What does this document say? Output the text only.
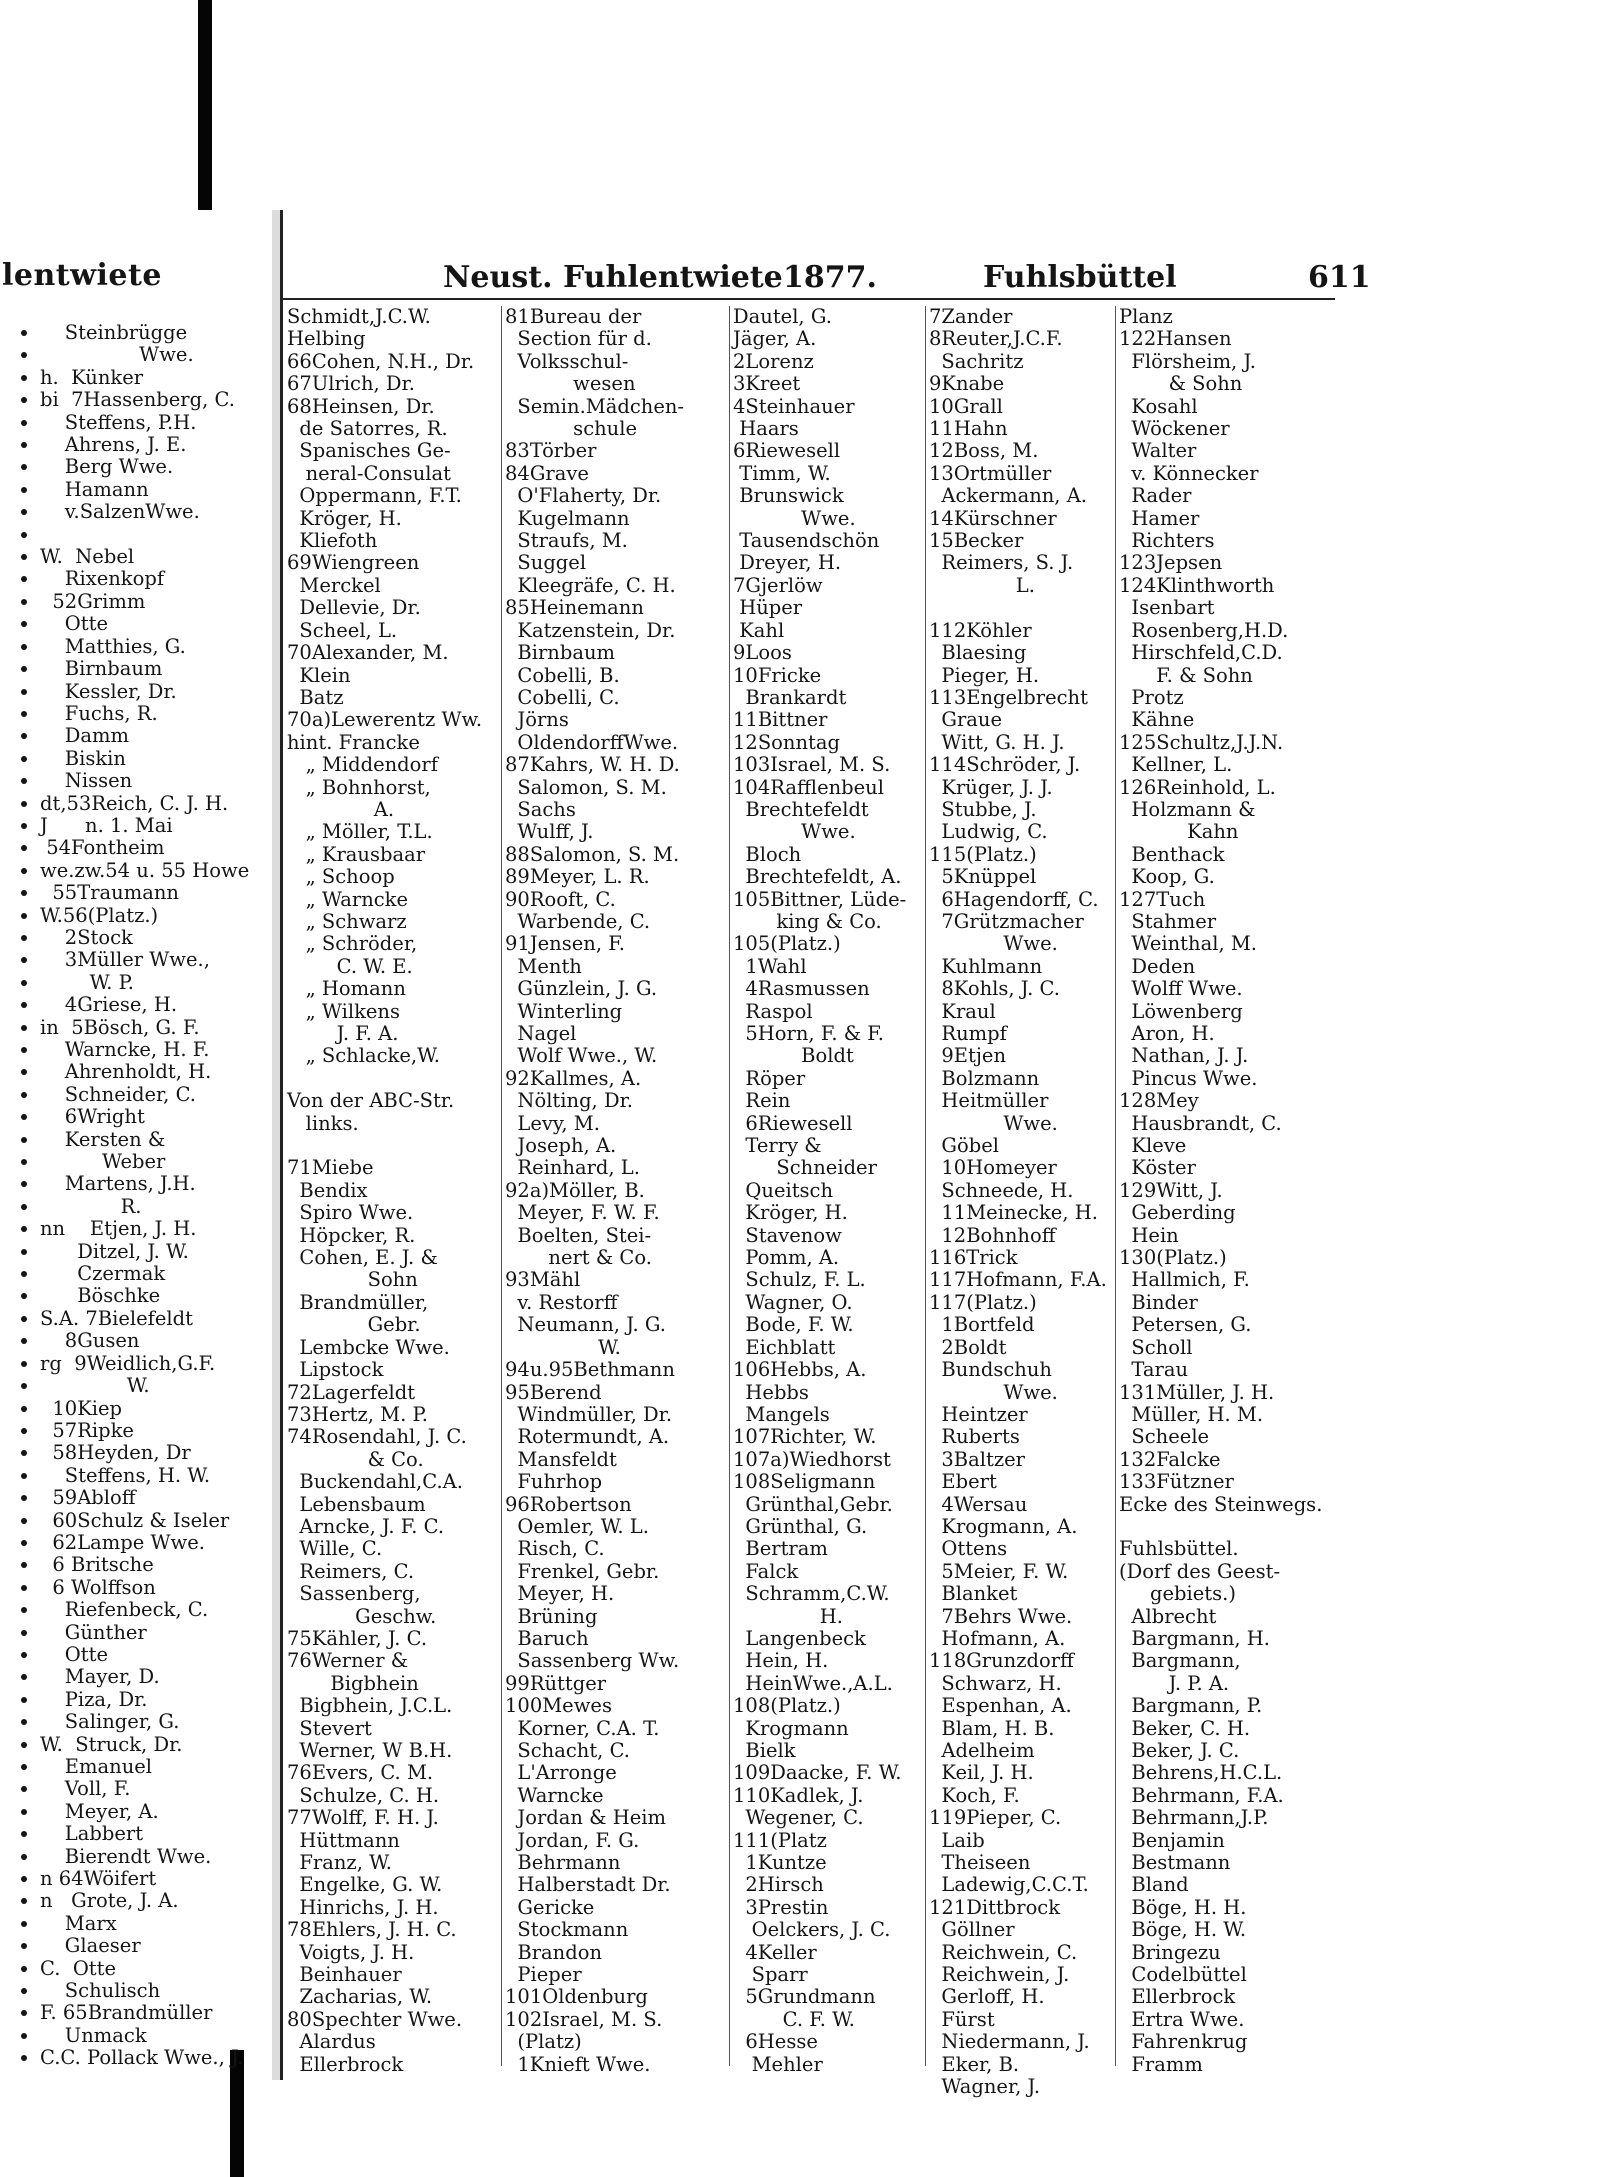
lentwiete
•     Steinbrügge
•                 Wwe.
• h.  Künker
• bi  7Hassenberg, C.
•     Steffens, P.H.
•     Ahrens, J. E.
•     Berg Wwe.
•     Hamann
•     v.SalzenWwe.
•
• W.  Nebel
•     Rixenkopf
•   52Grimm
•     Otte
•     Matthies, G.
•     Birnbaum
•     Kessler, Dr.
•     Fuchs, R.
•     Damm
•     Biskin
•     Nissen
• dt,53Reich, C. J. H.
• J      n. 1. Mai
•  54Fontheim
• we.zw.54 u. 55 Howe
•   55Traumann
• W.56(Platz.)
•     2Stock
•     3Müller Wwe.,
•         W. P.
•     4Griese, H.
• in  5Bösch, G. F.
•     Warncke, H. F.
•     Ahrenholdt, H.
•     Schneider, C.
•     6Wright
•     Kersten &
•           Weber
•     Martens, J.H.
•              R.
• nn    Etjen, J. H.
•       Ditzel, J. W.
•       Czermak
•       Böschke
• S.A. 7Bielefeldt
•     8Gusen
• rg  9Weidlich,G.F.
•               W.
•   10Kiep
•   57Ripke
•   58Heyden, Dr
•     Steffens, H. W.
•   59Abloff
•   60Schulz & Iseler
•   62Lampe Wwe.
•   6 Britsche
•   6 Wolffson
•     Riefenbeck, C.
•     Günther
•     Otte
•     Mayer, D.
•     Piza, Dr.
•     Salinger, G.
• W.  Struck, Dr.
•     Emanuel
•     Voll, F.
•     Meyer, A.
•     Labbert
•     Bierendt Wwe.
• n 64Wöifert
• n   Grote, J. A.
•     Marx
•     Glaeser
• C.  Otte
•     Schulisch
• F. 65Brandmüller
•     Unmack
• C.C. Pollack Wwe., J.
Neust. Fuhlentwiete 1877.	Fuhlsbüttel	611
Schmidt,J.C.W.
Helbing
66Cohen, N.H., Dr.
67Ulrich, Dr.
68Heinsen, Dr.
de Satorres, R.
Spanisches Ge-
neral-Consulat
Oppermann, F.T.
Kröger, H.
Kliefoth
69Wiengreen
Merckel
Dellevie, Dr.
Scheel, L.
70Alexander, M.
Klein
Batz
70a)Lewerentz Ww.
hint. Francke
„ Middendorf
„ Bohnhorst,
A.
„ Möller, T.L.
„ Krausbaar
„ Schoop
„ Warncke
„ Schwarz
„ Schröder,
C. W. E.
„ Homann
„ Wilkens
J. F. A.
„ Schlacke,W.

Von der ABC-Str.
links.

71Miebe
Bendix
Spiro Wwe.
Höpcker, R.
Cohen, E. J. &
Sohn
Brandmüller,
Gebr.
Lembcke Wwe.
Lipstock
72Lagerfeldt
73Hertz, M. P.
74Rosendahl, J. C.
& Co.
Buckendahl,C.A.
Lebensbaum
Arncke, J. F. C.
Wille, C.
Reimers, C.
Sassenberg,
Geschw.
75Kähler, J. C.
76Werner &
Bigbhein
Bigbhein, J.C.L.
Stevert
Werner, W B.H.
76Evers, C. M.
Schulze, C. H.
77Wolff, F. H. J.
Hüttmann
Franz, W.
Engelke, G. W.
Hinrichs, J. H.
78Ehlers, J. H. C.
Voigts, J. H.
Beinhauer
Zacharias, W.
80Spechter Wwe.
Alardus
Ellerbrock
81Bureau der
Section für d.
Volksschul-
wesen
Semin.Mädchen-
schule
83Törber
84Grave
O'Flaherty, Dr.
Kugelmann
Straufs, M.
Suggel
Kleegräfe, C. H.
85Heinemann
Katzenstein, Dr.
Birnbaum
Cobelli, B.
Cobelli, C.
Jörns
OldendorffWwe.
87Kahrs, W. H. D.
Salomon, S. M.
Sachs
Wulff, J.
88Salomon, S. M.
89Meyer, L. R.
90Rooft, C.
Warbende, C.
91Jensen, F.
Menth
Günzlein, J. G.
Winterling
Nagel
Wolf Wwe., W.
92Kallmes, A.
Nölting, Dr.
Levy, M.
Joseph, A.
Reinhard, L.
92a)Möller, B.
Meyer, F. W. F.
Boelten, Stei-
nert & Co.
93Mähl
v. Restorff
Neumann, J. G.
W.
94u.95Bethmann
95Berend
Windmüller, Dr.
Rotermundt, A.
Mansfeldt
Fuhrhop
96Robertson
Oemler, W. L.
Risch, C.
Frenkel, Gebr.
Meyer, H.
Brüning
Baruch
Sassenberg Ww.
99Rüttger
100Mewes
Korner, C.A. T.
Schacht, C.
L'Arronge
Warncke
Jordan & Heim
Jordan, F. G.
Behrmann
Halberstadt Dr.
Gericke
Stockmann
Brandon
Pieper
101Oldenburg
102Israel, M. S.
(Platz)
1Knieft Wwe.
Dautel, G.
Jäger, A.
2Lorenz
3Kreet
4Steinhauer
Haars
6Riewesell
Timm, W.
Brunswick
Wwe.
Tausendschön
Dreyer, H.
7Gjerlöw
Hüper
Kahl
9Loos
10Fricke
Brankardt
11Bittner
12Sonntag
103Israel, M. S.
104Rafflenbeul
Brechtefeldt
Wwe.
Bloch
Brechtefeldt, A.
105Bittner, Lüde-
king & Co.
105(Platz.)
1Wahl
4Rasmussen
Raspol
5Horn, F. & F.
Boldt
Röper
Rein
6Riewesell
Terry &
Schneider
Queitsch
Kröger, H.
Stavenow
Pomm, A.
Schulz, F. L.
Wagner, O.
Bode, F. W.
Eichblatt
106Hebbs, A.
Hebbs
Mangels
107Richter, W.
107a)Wiedhorst
108Seligmann
Grünthal,Gebr.
Grünthal, G.
Bertram
Falck
Schramm,C.W.
H.
Langenbeck
Hein, H.
HeinWwe.,A.L.
108(Platz.)
Krogmann
Bielk
109Daacke, F. W.
110Kadlek, J.
Wegener, C.
111(Platz
1Kuntze
2Hirsch
3Prestin
Oelckers, J. C.
4Keller
Sparr
5Grundmann
C. F. W.
6Hesse
Mehler
7Zander
8Reuter,J.C.F.
Sachritz
9Knabe
10Grall
11Hahn
12Boss, M.
13Ortmüller
Ackermann, A.
14Kürschner
15Becker
Reimers, S. J.
L.

112Köhler
Blaesing
Pieger, H.
113Engelbrecht
Graue
Witt, G. H. J.
114Schröder, J.
Krüger, J. J.
Stubbe, J.
Ludwig, C.
115(Platz.)
5Knüppel
6Hagendorff, C.
7Grützmacher
Wwe.
Kuhlmann
8Kohls, J. C.
Kraul
Rumpf
9Etjen
Bolzmann
Heitmüller
Wwe.
Göbel
10Homeyer
Schneede, H.
11Meinecke, H.
12Bohnhoff
116Trick
117Hofmann, F.A.
117(Platz.)
1Bortfeld
2Boldt
Bundschuh
Wwe.
Heintzer
Ruberts
3Baltzer
Ebert
4Wersau
Krogmann, A.
Ottens
5Meier, F. W.
Blanket
7Behrs Wwe.
Hofmann, A.
118Grunzdorff
Schwarz, H.
Espenhan, A.
Blam, H. B.
Adelheim
Keil, J. H.
Koch, F.
119Pieper, C.
Laib
Theiseen
Ladewig,C.C.T.
121Dittbrock
Göllner
Reichwein, C.
Reichwein, J.
Gerloff, H.
Fürst
Niedermann, J.
Eker, B.
Wagner, J.
Planz
122Hansen
Flörsheim, J.
& Sohn
Kosahl
Wöckener
Walter
v. Könnecker
Rader
Hamer
Richters
123Jepsen
124Klinthworth
Isenbart
Rosenberg,H.D.
Hirschfeld,C.D.
F. & Sohn
Protz
Kähne
125Schultz,J.J.N.
Kellner, L.
126Reinhold, L.
Holzmann &
Kahn
Benthack
Koop, G.
127Tuch
Stahmer
Weinthal, M.
Deden
Wolff Wwe.
Löwenberg
Aron, H.
Nathan, J. J.
Pincus Wwe.
128Mey
Hausbrandt, C.
Kleve
Köster
129Witt, J.
Geberding
Hein
130(Platz.)
Hallmich, F.
Binder
Petersen, G.
Scholl
Tarau
131Müller, J. H.
Müller, H. M.
Scheele
132Falcke
133Fützner
Ecke des Steinwegs.

Fuhlsbüttel.
(Dorf des Geest-
gebiets.)
Albrecht
Bargmann, H.
Bargmann,
J. P. A.
Bargmann, P.
Beker, C. H.
Beker, J. C.
Behrens,H.C.L.
Behrmann, F.A.
Behrmann,J.P.
Benjamin
Bestmann
Bland
Böge, H. H.
Böge, H. W.
Bringezu
Codelbüttel
Ellerbrock
Ertra Wwe.
Fahrenkrug
Framm
